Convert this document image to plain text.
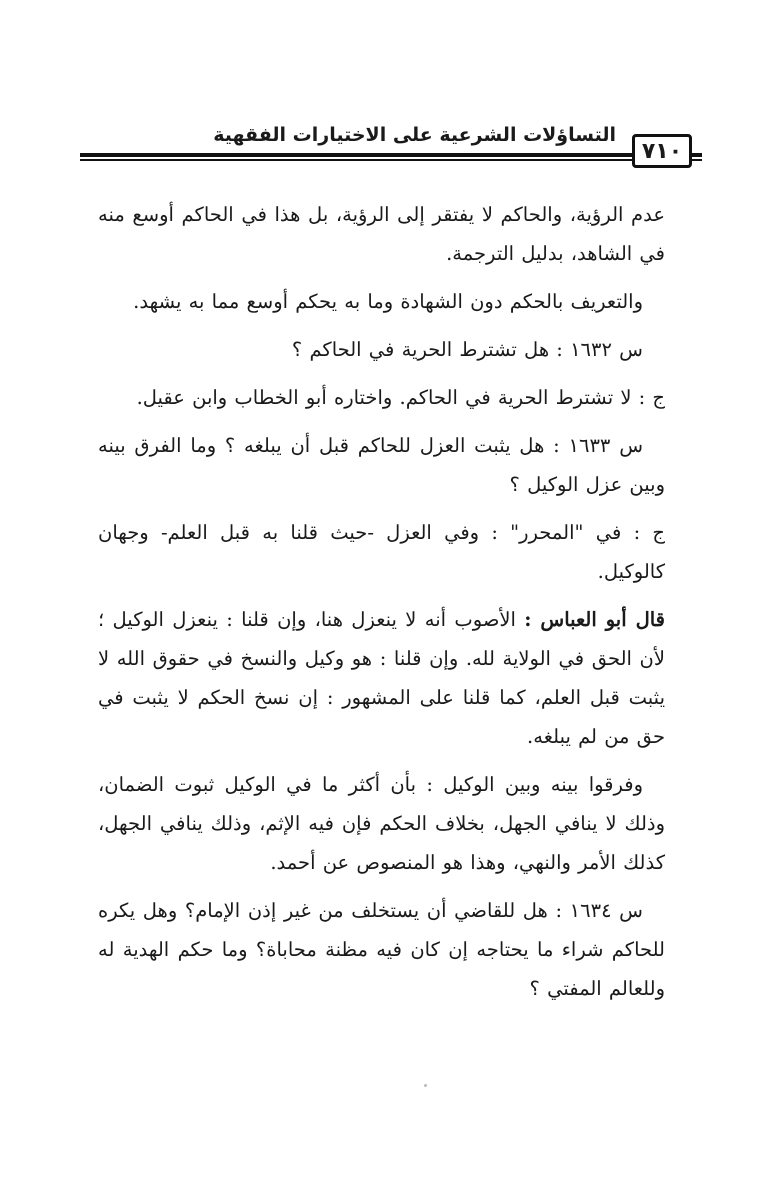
التساؤلات الشرعية على الاختيارات الفقهية
٧١٠

عدم الرؤية، والحاكم لا يفتقر إلى الرؤية، بل هذا في الحاكم أوسع منه في الشاهد، بدليل الترجمة.

والتعريف بالحكم دون الشهادة وما به يحكم أوسع مما به يشهد.

س ١٦٣٢ : هل تشترط الحرية في الحاكم ؟

ج : لا تشترط الحرية في الحاكم. واختاره أبو الخطاب وابن عقيل.

س ١٦٣٣ : هل يثبت العزل للحاكم قبل أن يبلغه ؟ وما الفرق بينه وبين عزل الوكيل ؟

ج : في "المحرر" : وفي العزل -حيث قلنا به قبل العلم- وجهان كالوكيل.

قال أبو العباس : الأصوب أنه لا ينعزل هنا، وإن قلنا : ينعزل الوكيل ؛ لأن الحق في الولاية لله. وإن قلنا : هو وكيل والنسخ في حقوق الله لا يثبت قبل العلم، كما قلنا على المشهور : إن نسخ الحكم لا يثبت في حق من لم يبلغه.

وفرقوا بينه وبين الوكيل : بأن أكثر ما في الوكيل ثبوت الضمان، وذلك لا ينافي الجهل، بخلاف الحكم فإن فيه الإثم، وذلك ينافي الجهل، كذلك الأمر والنهي، وهذا هو المنصوص عن أحمد.

س ١٦٣٤ : هل للقاضي أن يستخلف من غير إذن الإمام؟ وهل يكره للحاكم شراء ما يحتاجه إن كان فيه مظنة محاباة؟ وما حكم الهدية له وللعالم المفتي ؟
